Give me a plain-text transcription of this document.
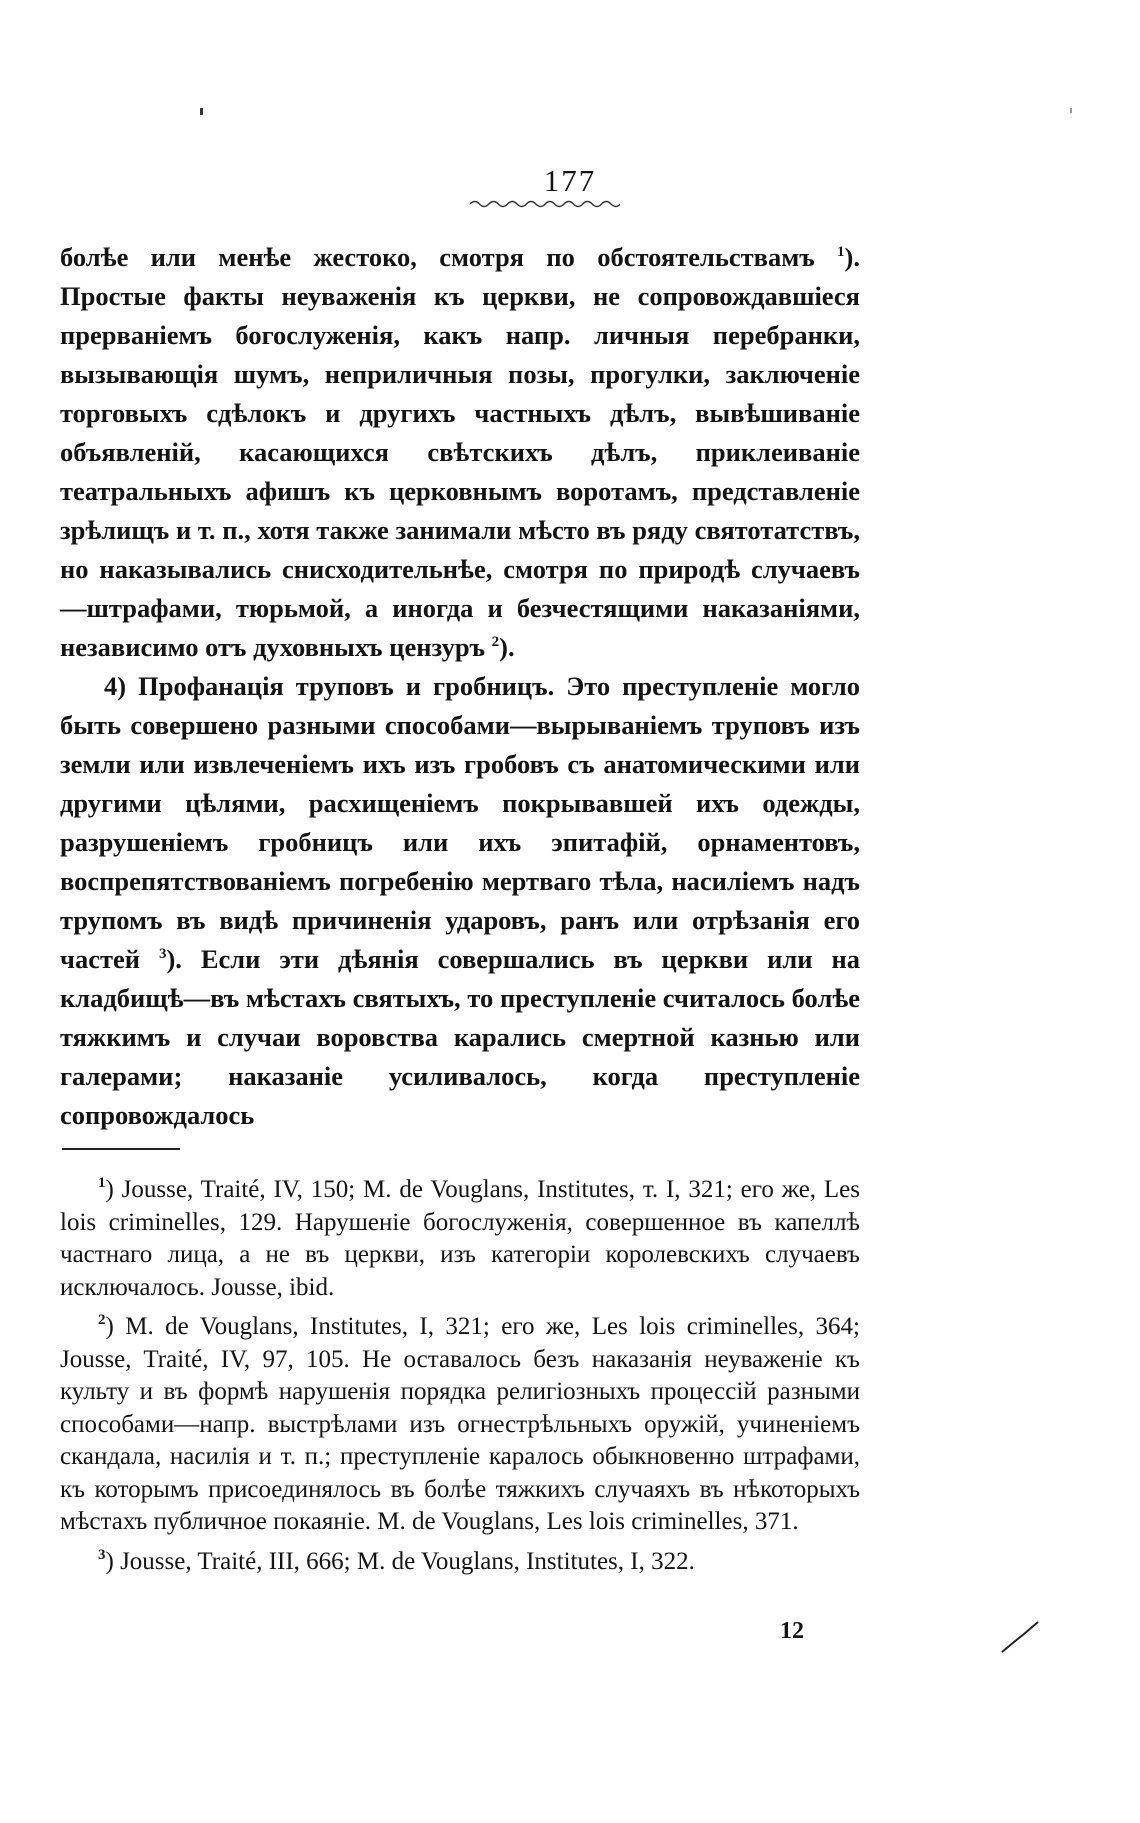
177

болѣе или менѣе жестоко, смотря по обстоятельствамъ $^1$). Простые факты неуваженія къ церкви, не сопровождавшіеся прерваніемъ богослуженія, какъ напр. личныя перебранки, вызывающія шумъ, неприличныя позы, прогулки, заключеніе торговыхъ сдѣлокъ и другихъ частныхъ дѣлъ, вывѣшиваніе объявленій, касающихся свѣтскихъ дѣлъ, приклеиваніе театральныхъ афишъ къ церковнымъ воротамъ, представленіе зрѣлищъ и т. п., хотя также занимали мѣсто въ ряду святотатствъ, но наказывались снисходительнѣе, смотря по природѣ случаевъ—штрафами, тюрьмой, а иногда и безчестящими наказаніями, независимо отъ духовныхъ цензуръ $^2$).

4) Профанація труповъ и гробницъ. Это преступленіе могло быть совершено разными способами—вырываніемъ труповъ изъ земли или извлеченіемъ ихъ изъ гробовъ съ анатомическими или другими цѣлями, расхищеніемъ покрывавшей ихъ одежды, разрушеніемъ гробницъ или ихъ эпитафій, орнаментовъ, воспрепятствованіемъ погребенію мертваго тѣла, насиліемъ надъ трупомъ въ видѣ причиненія ударовъ, ранъ или отрѣзанія его частей $^3$). Если эти дѣянія совершались въ церкви или на кладбищѣ—въ мѣстахъ святыхъ, то преступленіе считалось болѣе тяжкимъ и случаи воровства карались смертной казнью или галерами; наказаніе усиливалось, когда преступленіе сопровождалось

$^1$) Jousse, Traité, IV, 150; M. de Vouglans, Institutes, т. I, 321; его же, Les lois criminelles, 129. Нарушеніе богослуженія, совершенное въ капеллѣ частнаго лица, а не въ церкви, изъ категоріи королевскихъ случаевъ исключалось. Jousse, ibid.

$^2$) M. de Vouglans, Institutes, I, 321; его же, Les lois criminelles, 364; Jousse, Traité, IV, 97, 105. Не оставалось безъ наказанія неуваженіе къ культу и въ формѣ нарушенія порядка религіозныхъ процессій разными способами—напр. выстрѣлами изъ огнестрѣльныхъ оружій, учиненіемъ скандала, насилія и т. п.; преступленіе каралось обыкновенно штрафами, къ которымъ присоединялось въ болѣе тяжкихъ случаяхъ въ нѣкоторыхъ мѣстахъ публичное покаяніе. M. de Vouglans, Les lois criminelles, 371.

$^3$) Jousse, Traité, III, 666; M. de Vouglans, Institutes, I, 322.

12
